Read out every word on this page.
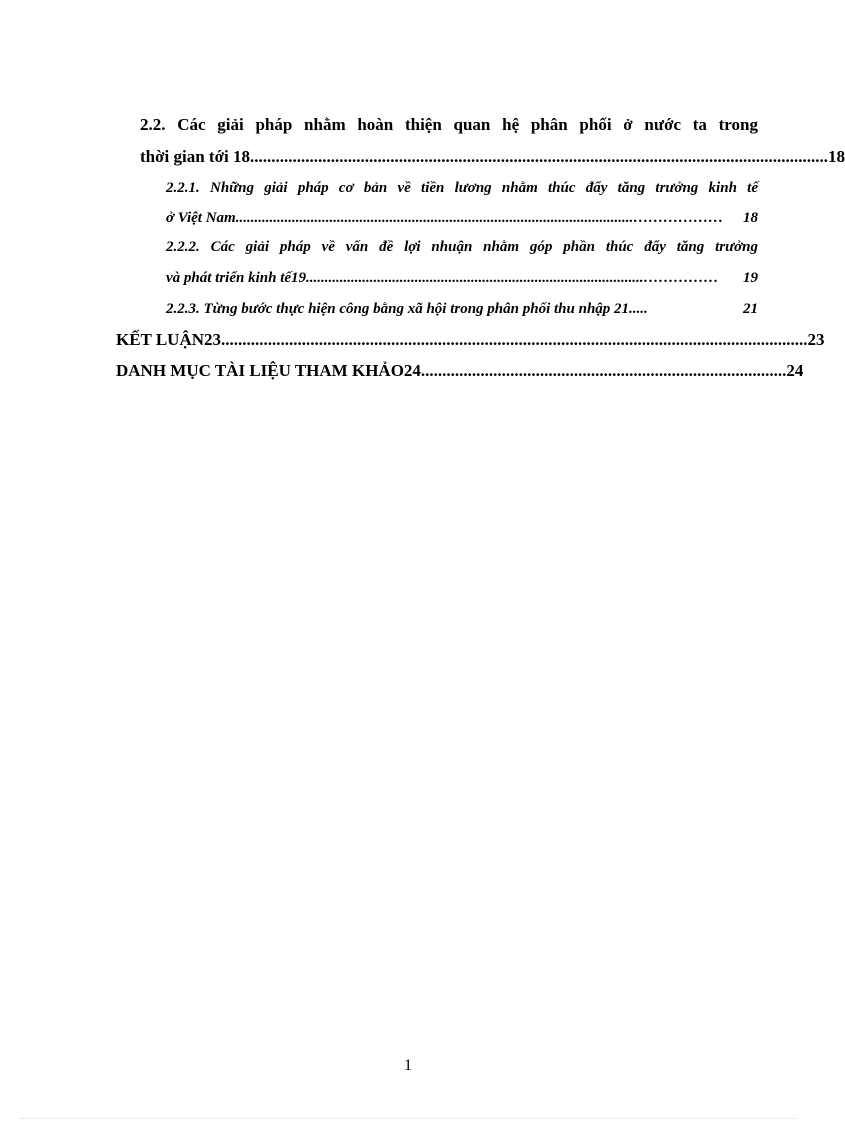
2.2. Các giải pháp nhằm hoàn thiện quan hệ phân phối ở nước ta trong
thời gian tới 18 ........................................................................................................................................ 18
2.2.1. Những giải pháp cơ bản về tiền lương nhằm thúc đẩy tăng trưởng kinh tế
ở Việt Nam ..........................................................................................................………………	18
2.2.2. Các giải pháp về vấn đề lợi nhuận nhằm góp phần thúc đẩy tăng trưởng
và phát triển kinh tế19 ..........................................................................................……………	19
2.2.3. Từng bước thực hiện công bằng xã hội trong phân phối thu nhập 21 .....	21
KẾT LUẬN23 .......................................................................................................................................... 23
DANH MỤC TÀI LIỆU THAM KHẢO24 ...................................................................................... 24
1
